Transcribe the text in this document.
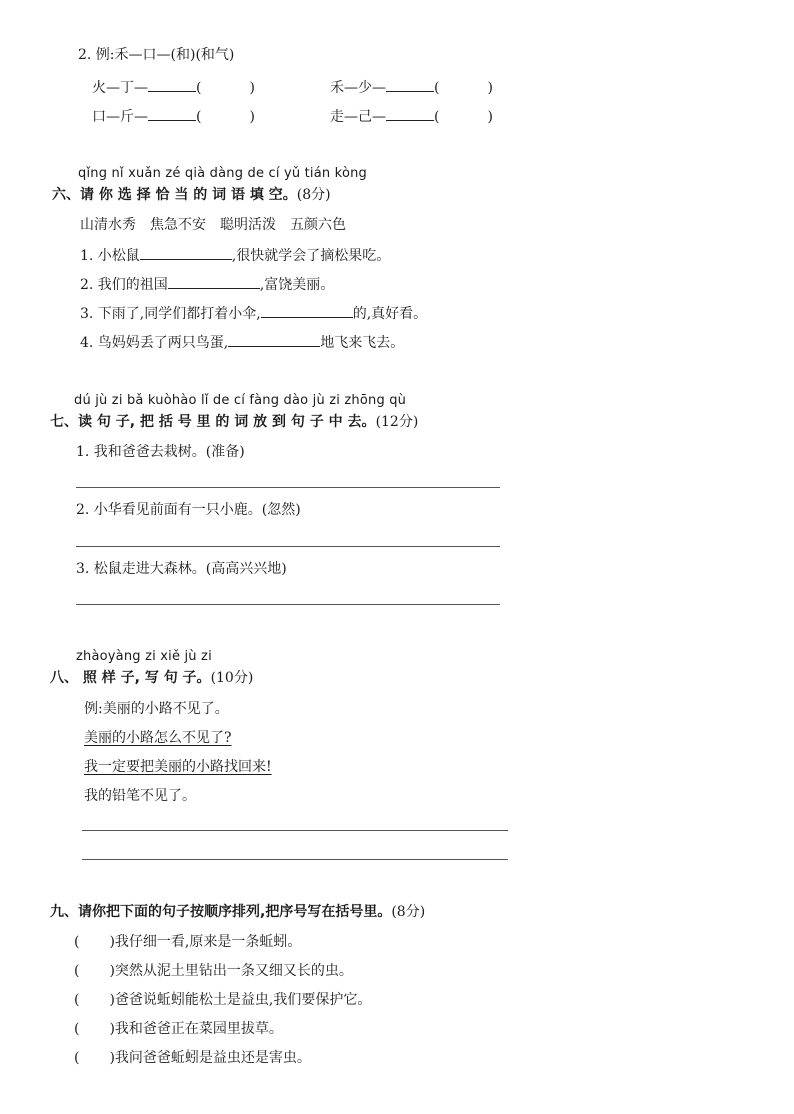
2. 例:禾—口—(和)(和气)
火—丁—	(	)	禾—少—	(	)
口—斤—	(	)	走—己—	(	)
qǐng nǐ xuǎn zé qià dàng de cí yǔ tián kòng
六、请 你 选 择 恰 当 的 词 语 填 空。(8分)
山清水秀　焦急不安　聪明活泼　五颜六色
1. 小松鼠	,很快就学会了摘松果吃。
2. 我们的祖国	,富饶美丽。
3. 下雨了,同学们都打着小伞,	的,真好看。
4. 鸟妈妈丢了两只鸟蛋,	地飞来飞去。
dú jù zi bǎ kuòhào lǐ de cí fàng dào jù zi zhōng qù
七、读 句 子, 把 括 号 里 的 词 放 到 句 子 中 去。(12分)
1. 我和爸爸去栽树。(准备)
2. 小华看见前面有一只小鹿。(忽然)
3. 松鼠走进大森林。(高高兴兴地)
zhàoyàng zi xiě jù zi
八、 照 样 子, 写 句 子。(10分)
例:美丽的小路不见了。
美丽的小路怎么不见了?
我一定要把美丽的小路找回来!
我的铅笔不见了。
九、请你把下面的句子按顺序排列,把序号写在括号里。(8分)
( )我仔细一看,原来是一条蚯蚓。
( )突然从泥土里钻出一条又细又长的虫。
( )爸爸说蚯蚓能松土是益虫,我们要保护它。
( )我和爸爸正在菜园里拔草。
( )我问爸爸蚯蚓是益虫还是害虫。
